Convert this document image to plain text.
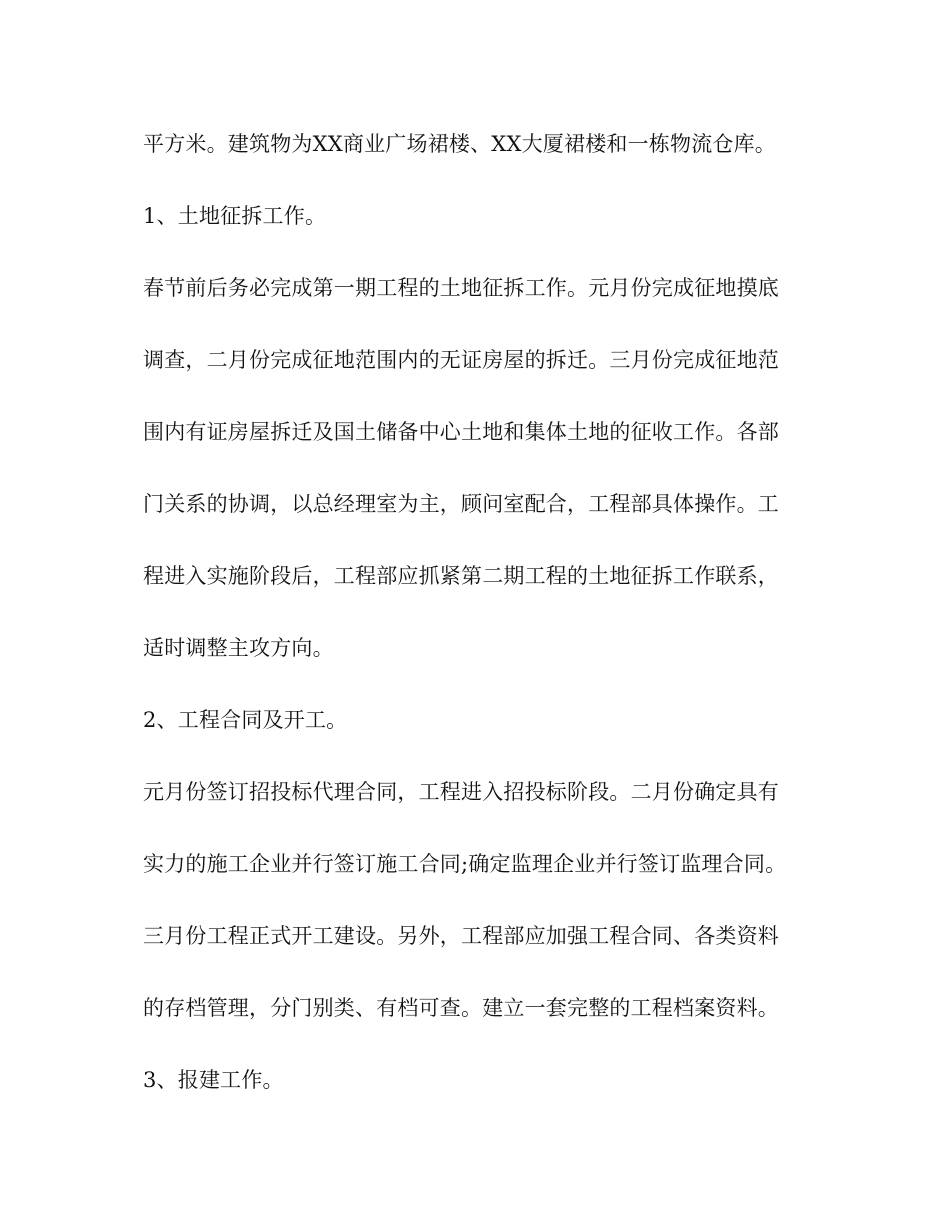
平方米。建筑物为XX商业广场裙楼、XX大厦裙楼和一栋物流仓库。
1、土地征拆工作。
春节前后务必完成第一期工程的土地征拆工作。元月份完成征地摸底
调查，二月份完成征地范围内的无证房屋的拆迁。三月份完成征地范
围内有证房屋拆迁及国土储备中心土地和集体土地的征收工作。各部
门关系的协调，以总经理室为主，顾问室配合，工程部具体操作。工
程进入实施阶段后，工程部应抓紧第二期工程的土地征拆工作联系，
适时调整主攻方向。
2、工程合同及开工。
元月份签订招投标代理合同，工程进入招投标阶段。二月份确定具有
实力的施工企业并行签订施工合同;确定监理企业并行签订监理合同。
三月份工程正式开工建设。另外，工程部应加强工程合同、各类资料
的存档管理，分门别类、有档可查。建立一套完整的工程档案资料。
3、报建工作。
